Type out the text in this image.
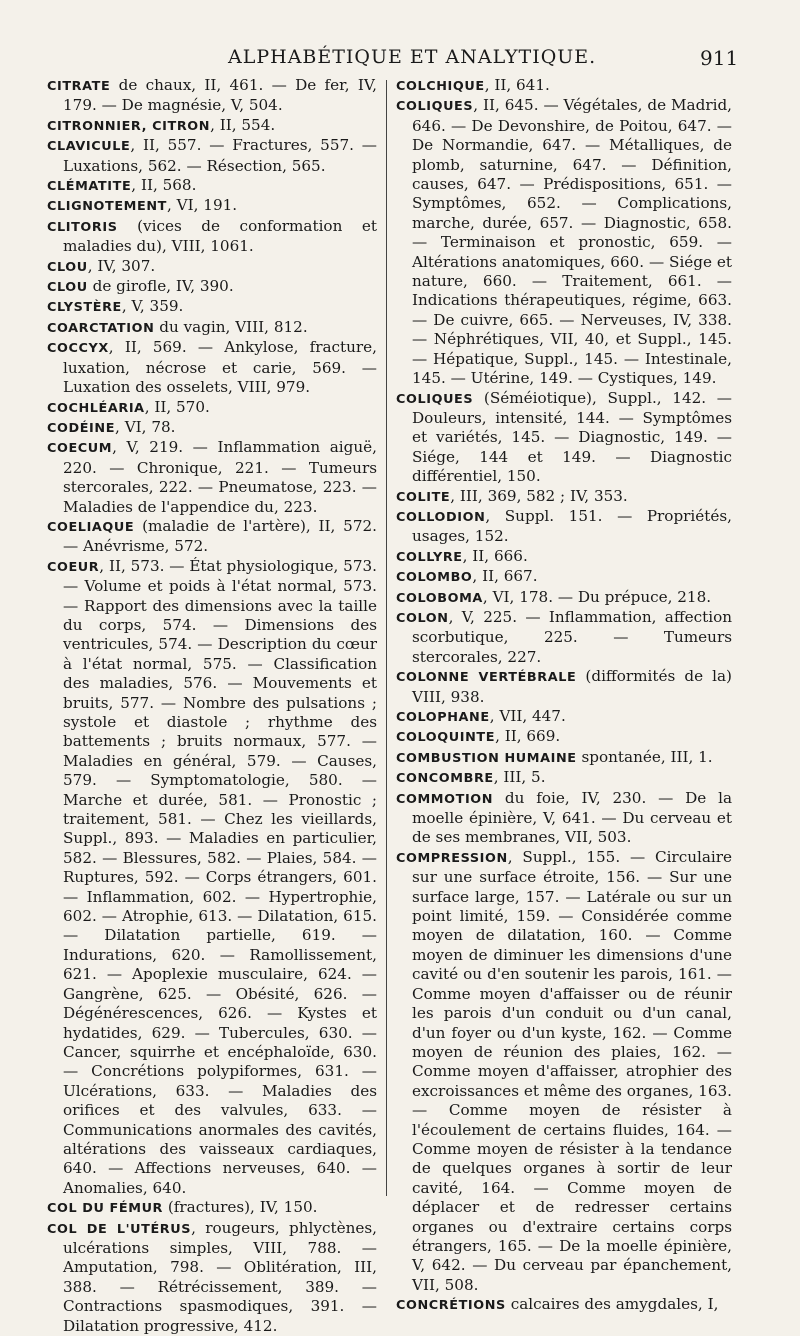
ALPHABÉTIQUE ET ANALYTIQUE.	911

CITRATE de chaux, II, 461. — De fer, IV, 179. — De magnésie, V, 504.

CITRONNIER, CITRON, II, 554.

CLAVICULE, II, 557. — Fractures, 557. — Luxations, 562. — Résection, 565.

CLÉMATITE, II, 568.

CLIGNOTEMENT, VI, 191.

CLITORIS (vices de conformation et maladies du), VIII, 1061.

CLOU, IV, 307.

CLOU de girofle, IV, 390.

CLYSTÈRE, V, 359.

COARCTATION du vagin, VIII, 812.

COCCYX, II, 569. — Ankylose, fracture, luxation, nécrose et carie, 569. — Luxation des osselets, VIII, 979.

COCHLÉARIA, II, 570.

CODÉINE, VI, 78.

COECUM, V, 219. — Inflammation aiguë, 220. — Chronique, 221. — Tumeurs stercorales, 222. — Pneumatose, 223. — Maladies de l'appendice du, 223.

COELIAQUE (maladie de l'artère), II, 572. — Anévrisme, 572.

COEUR, II, 573. — État physiologique, 573. — Volume et poids à l'état normal, 573. — Rapport des dimensions avec la taille du corps, 574. — Dimensions des ventricules, 574. — Description du cœur à l'état normal, 575. — Classification des maladies, 576. — Mouvements et bruits, 577. — Nombre des pulsations ; systole et diastole ; rhythme des battements ; bruits normaux, 577. — Maladies en général, 579. — Causes, 579. — Symptomatologie, 580. — Marche et durée, 581. — Pronostic ; traitement, 581. — Chez les vieillards, Suppl., 893. — Maladies en particulier, 582. — Blessures, 582. — Plaies, 584. — Ruptures, 592. — Corps étrangers, 601. — Inflammation, 602. — Hypertrophie, 602. — Atrophie, 613. — Dilatation, 615. — Dilatation partielle, 619. — Indurations, 620. — Ramollissement, 621. — Apoplexie musculaire, 624. — Gangrène, 625. — Obésité, 626. — Dégénérescences, 626. — Kystes et hydatides, 629. — Tubercules, 630. — Cancer, squirrhe et encéphaloïde, 630. — Concrétions polypiformes, 631. — Ulcérations, 633. — Maladies des orifices et des valvules, 633. — Communications anormales des cavités, altérations des vaisseaux cardiaques, 640. — Affections nerveuses, 640. — Anomalies, 640.

COL DU FÉMUR (fractures), IV, 150.

COL DE L'UTÉRUS, rougeurs, phlyctènes, ulcérations simples, VIII, 788. — Amputation, 798. — Oblitération, III, 388. — Rétrécissement, 389. — Contractions spasmodiques, 391. — Dilatation progressive, 412.

COLCHIQUE, II, 641.

COLIQUES, II, 645. — Végétales, de Madrid, 646. — De Devonshire, de Poitou, 647. — De Normandie, 647. — Métalliques, de plomb, saturnine, 647. — Définition, causes, 647. — Prédispositions, 651. — Symptômes, 652. — Complications, marche, durée, 657. — Diagnostic, 658. — Terminaison et pronostic, 659. — Altérations anatomiques, 660. — Siége et nature, 660. — Traitement, 661. — Indications thérapeutiques, régime, 663. — De cuivre, 665. — Nerveuses, IV, 338. — Néphrétiques, VII, 40, et Suppl., 145. — Hépatique, Suppl., 145. — Intestinale, 145. — Utérine, 149. — Cystiques, 149.

COLIQUES (Séméiotique), Suppl., 142. — Douleurs, intensité, 144. — Symptômes et variétés, 145. — Diagnostic, 149. — Siége, 144 et 149. — Diagnostic différentiel, 150.

COLITE, III, 369, 582 ; IV, 353.

COLLODION, Suppl. 151. — Propriétés, usages, 152.

COLLYRE, II, 666.

COLOMBO, II, 667.

COLOBOMA, VI, 178. — Du prépuce, 218.

COLON, V, 225. — Inflammation, affection scorbutique, 225. — Tumeurs stercorales, 227.

COLONNE VERTÉBRALE (difformités de la) VIII, 938.

COLOPHANE, VII, 447.

COLOQUINTE, II, 669.

COMBUSTION HUMAINE spontanée, III, 1.

CONCOMBRE, III, 5.

COMMOTION du foie, IV, 230. — De la moelle épinière, V, 641. — Du cerveau et de ses membranes, VII, 503.

COMPRESSION, Suppl., 155. — Circulaire sur une surface étroite, 156. — Sur une surface large, 157. — Latérale ou sur un point limité, 159. — Considérée comme moyen de dilatation, 160. — Comme moyen de diminuer les dimensions d'une cavité ou d'en soutenir les parois, 161. — Comme moyen d'affaisser ou de réunir les parois d'un conduit ou d'un canal, d'un foyer ou d'un kyste, 162. — Comme moyen de réunion des plaies, 162. — Comme moyen d'affaisser, atrophier des excroissances et même des organes, 163. — Comme moyen de résister à l'écoulement de certains fluides, 164. — Comme moyen de résister à la tendance de quelques organes à sortir de leur cavité, 164. — Comme moyen de déplacer et de redresser certains organes ou d'extraire certains corps étrangers, 165. — De la moelle épinière, V, 642. — Du cerveau par épanchement, VII, 508.

CONCRÉTIONS calcaires des amygdales, I,
